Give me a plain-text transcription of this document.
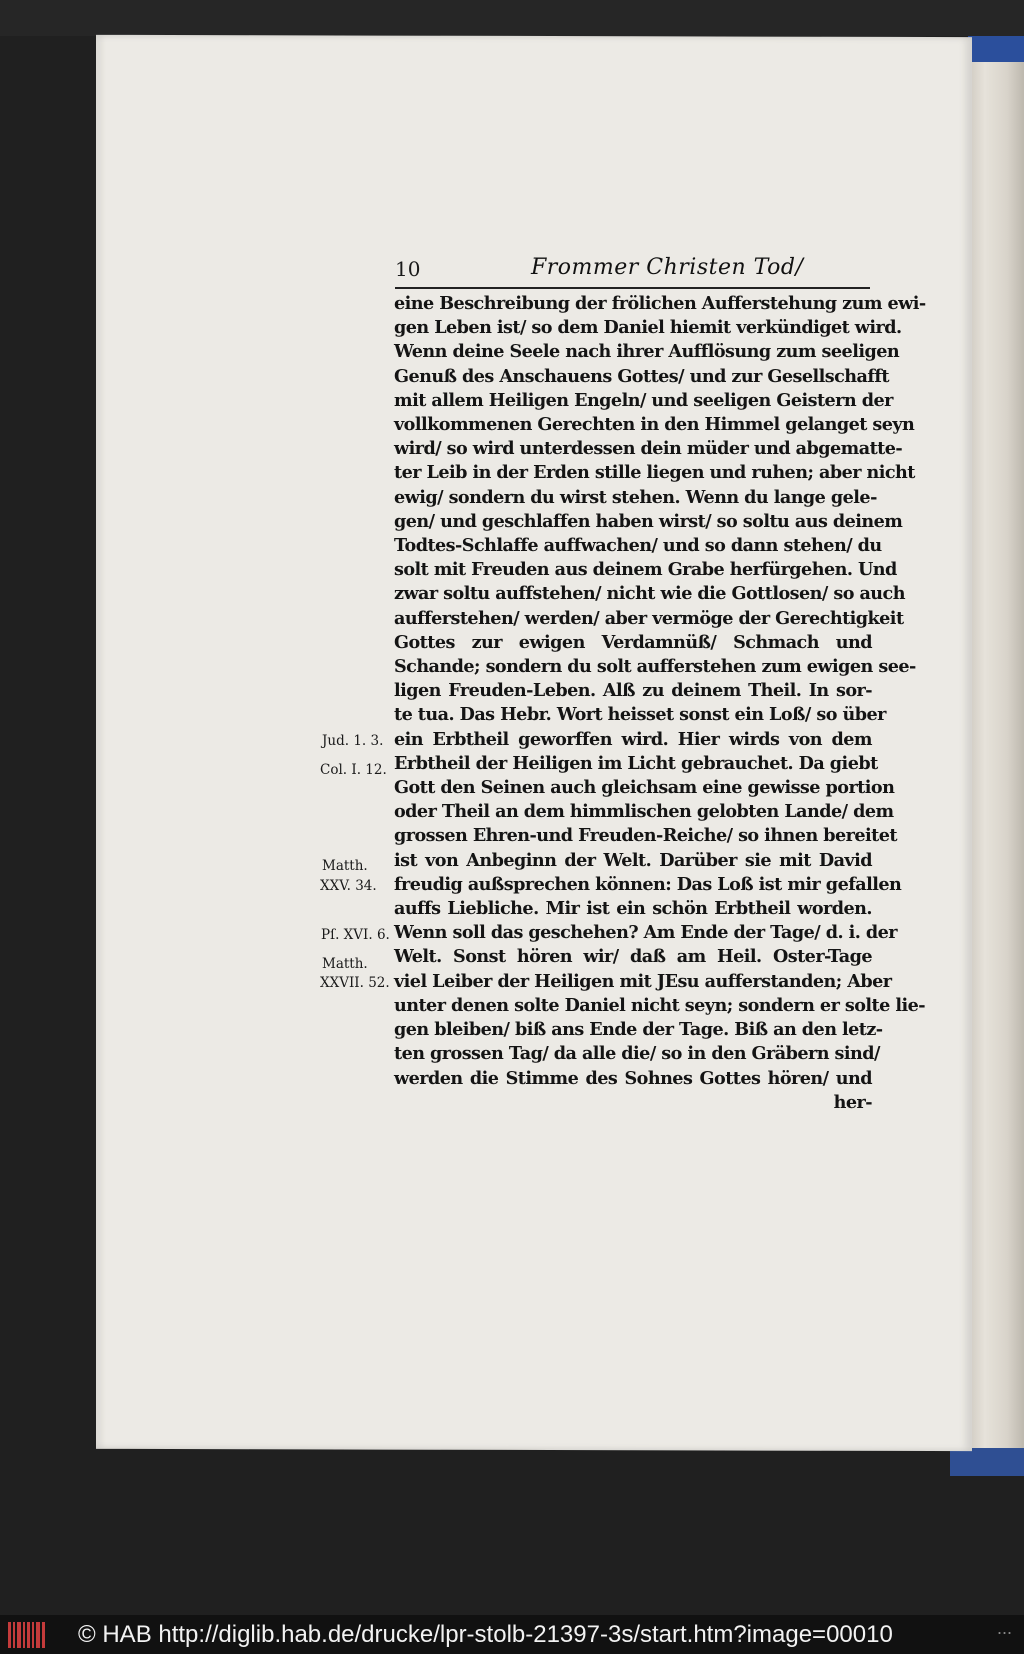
10	Frommer Christen Tod/
eine Beschreibung der frölichen Aufferstehung zum ewi-
gen Leben ist/ so dem Daniel hiemit verkündiget wird.
Wenn deine Seele nach ihrer Aufflösung zum seeligen
Genuß des Anschauens Gottes/ und zur Gesellschafft
mit allem Heiligen Engeln/ und seeligen Geistern der
vollkommenen Gerechten in den Himmel gelanget seyn
wird/ so wird unterdessen dein müder und abgematte-
ter Leib in der Erden stille liegen und ruhen; aber nicht
ewig/ sondern du wirst stehen. Wenn du lange gele-
gen/ und geschlaffen haben wirst/ so soltu aus deinem
Todtes-Schlaffe auffwachen/ und so dann stehen/ du
solt mit Freuden aus deinem Grabe herfürgehen. Und
zwar soltu auffstehen/ nicht wie die Gottlosen/ so auch
aufferstehen/ werden/ aber vermöge der Gerechtigkeit
Gottes zur ewigen Verdamnüß/ Schmach und
Schande; sondern du solt aufferstehen zum ewigen see-
ligen Freuden-Leben. Alß zu deinem Theil. In sor-
te tua. Das Hebr. Wort heisset sonst ein Loß/ so über
ein Erbtheil geworffen wird. Hier wirds von dem
Erbtheil der Heiligen im Licht gebrauchet. Da giebt
Gott den Seinen auch gleichsam eine gewisse portion
oder Theil an dem himmlischen gelobten Lande/ dem
grossen Ehren-und Freuden-Reiche/ so ihnen bereitet
ist von Anbeginn der Welt. Darüber sie mit David
freudig außsprechen können: Das Loß ist mir gefallen
auffs Liebliche. Mir ist ein schön Erbtheil worden.
Wenn soll das geschehen? Am Ende der Tage/ d. i. der
Welt. Sonst hören wir/ daß am Heil. Oster-Tage
viel Leiber der Heiligen mit JEsu aufferstanden; Aber
unter denen solte Daniel nicht seyn; sondern er solte lie-
gen bleiben/ biß ans Ende der Tage. Biß an den letz-
ten grossen Tag/ da alle die/ so in den Gräbern sind/
werden die Stimme des Sohnes Gottes hören/ und
her-
Jud. 1. 3.
Col. I. 12.
Matth.
XXV. 34.
Pſ. XVI. 6.
Matth.
XXVII. 52.
© HAB http://diglib.hab.de/drucke/lpr-stolb-21397-3s/start.htm?image=00010	...
